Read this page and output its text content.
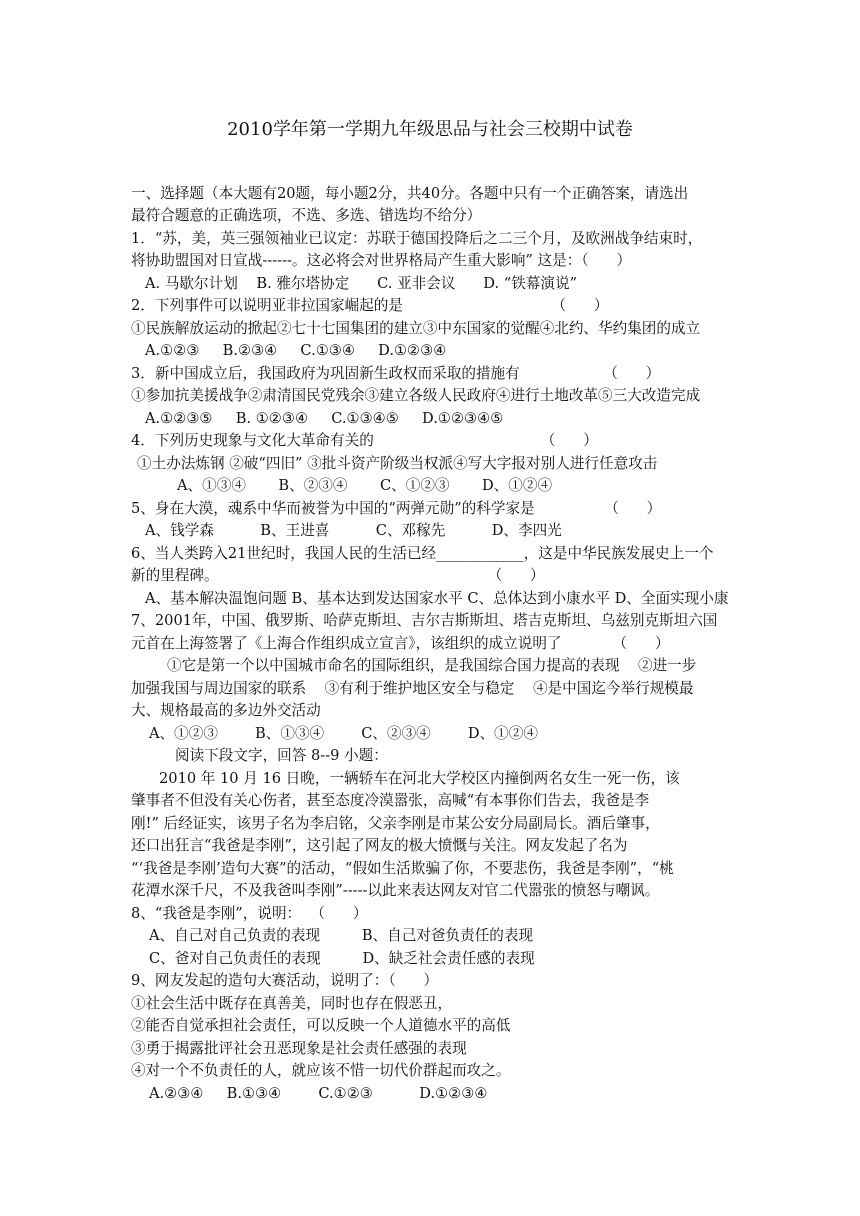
2010学年第一学期九年级思品与社会三校期中试卷
一、选择题（本大题有20题，每小题2分，共40分。各题中只有一个正确答案，请选出
最符合题意的正确选项，不选、多选、错选均不给分）
1．“苏，美，英三强领袖业已议定：苏联于德国投降后之二三个月，及欧洲战争结束时，
将协助盟国对日宣战------。这必将会对世界格局产生重大影响” 这是：（      ）
A. 马歇尔计划    B. 雅尔塔协定      C. 亚非会议      D. “铁幕演说”
2．下列事件可以说明亚非拉国家崛起的是                                （      ）
①民族解放运动的掀起②七十七国集团的建立③中东国家的觉醒④北约、华约集团的成立
A.①②③     B.②③④     C.①③④     D.①②③④
3．新中国成立后，我国政府为巩固新生政权而采取的措施有                  （      ）
①参加抗美援战争②肃清国民党残余③建立各级人民政府④进行土地改革⑤三大改造完成
A.①②③⑤     B. ①②③④     C.①③④⑤     D.①②③④⑤
4．下列历史现象与文化大革命有关的                                    （      ）
①土办法炼钢 ②破“四旧” ③批斗资产阶级当权派④写大字报对别人进行任意攻击
A、①③④       B、②③④       C、①②③       D、①②④
5、身在大漠，魂系中华而被誉为中国的“两弹元勋”的科学家是               （      ）
A、钱学森          B、王进喜          C、邓稼先          D、李四光
6、当人类跨入21世纪时，我国人民的生活已经____________，这是中华民族发展史上一个
新的里程碑。                                                          （      ）
A、基本解决温饱问题 B、基本达到发达国家水平 C、总体达到小康水平 D、全面实现小康
7、2001年，中国、俄罗斯、哈萨克斯坦、吉尔吉斯斯坦、塔吉克斯坦、乌兹别克斯坦六国
元首在上海签署了《上海合作组织成立宣言》，该组织的成立说明了           （      ）
①它是第一个以中国城市命名的国际组织，是我国综合国力提高的表现    ②进一步
加强我国与周边国家的联系    ③有利于维护地区安全与稳定    ④是中国迄今举行规模最
大、规格最高的多边外交活动
A、①②③        B、①③④        C、②③④        D、①②④
阅读下段文字，回答 8--9 小题：
2010 年 10 月 16 日晚，一辆轿车在河北大学校区内撞倒两名女生一死一伤，该
肇事者不但没有关心伤者，甚至态度冷漠嚣张，高喊“有本事你们告去，我爸是李
刚!” 后经证实，该男子名为李启铭，父亲李刚是市某公安分局副局长。酒后肇事，
还口出狂言“我爸是李刚”，这引起了网友的极大愤慨与关注。网友发起了名为
“‘我爸是李刚’造句大赛”的活动，“假如生活欺骗了你，不要悲伤，我爸是李刚”，“桃
花潭水深千尺，不及我爸叫李刚”-----以此来表达网友对官二代嚣张的愤怒与嘲讽。
8、“我爸是李刚”，说明：  （      ）
A、自己对自己负责的表现         B、自己对爸负责任的表现
C、爸对自己负责任的表现         D、缺乏社会责任感的表现
9、网友发起的造句大赛活动，说明了：（      ）
①社会生活中既存在真善美，同时也存在假恶丑，
②能否自觉承担社会责任，可以反映一个人道德水平的高低
③勇于揭露批评社会丑恶现象是社会责任感强的表现
④对一个不负责任的人，就应该不惜一切代价群起而攻之。
A.②③④     B.①③④        C.①②③          D.①②③④
